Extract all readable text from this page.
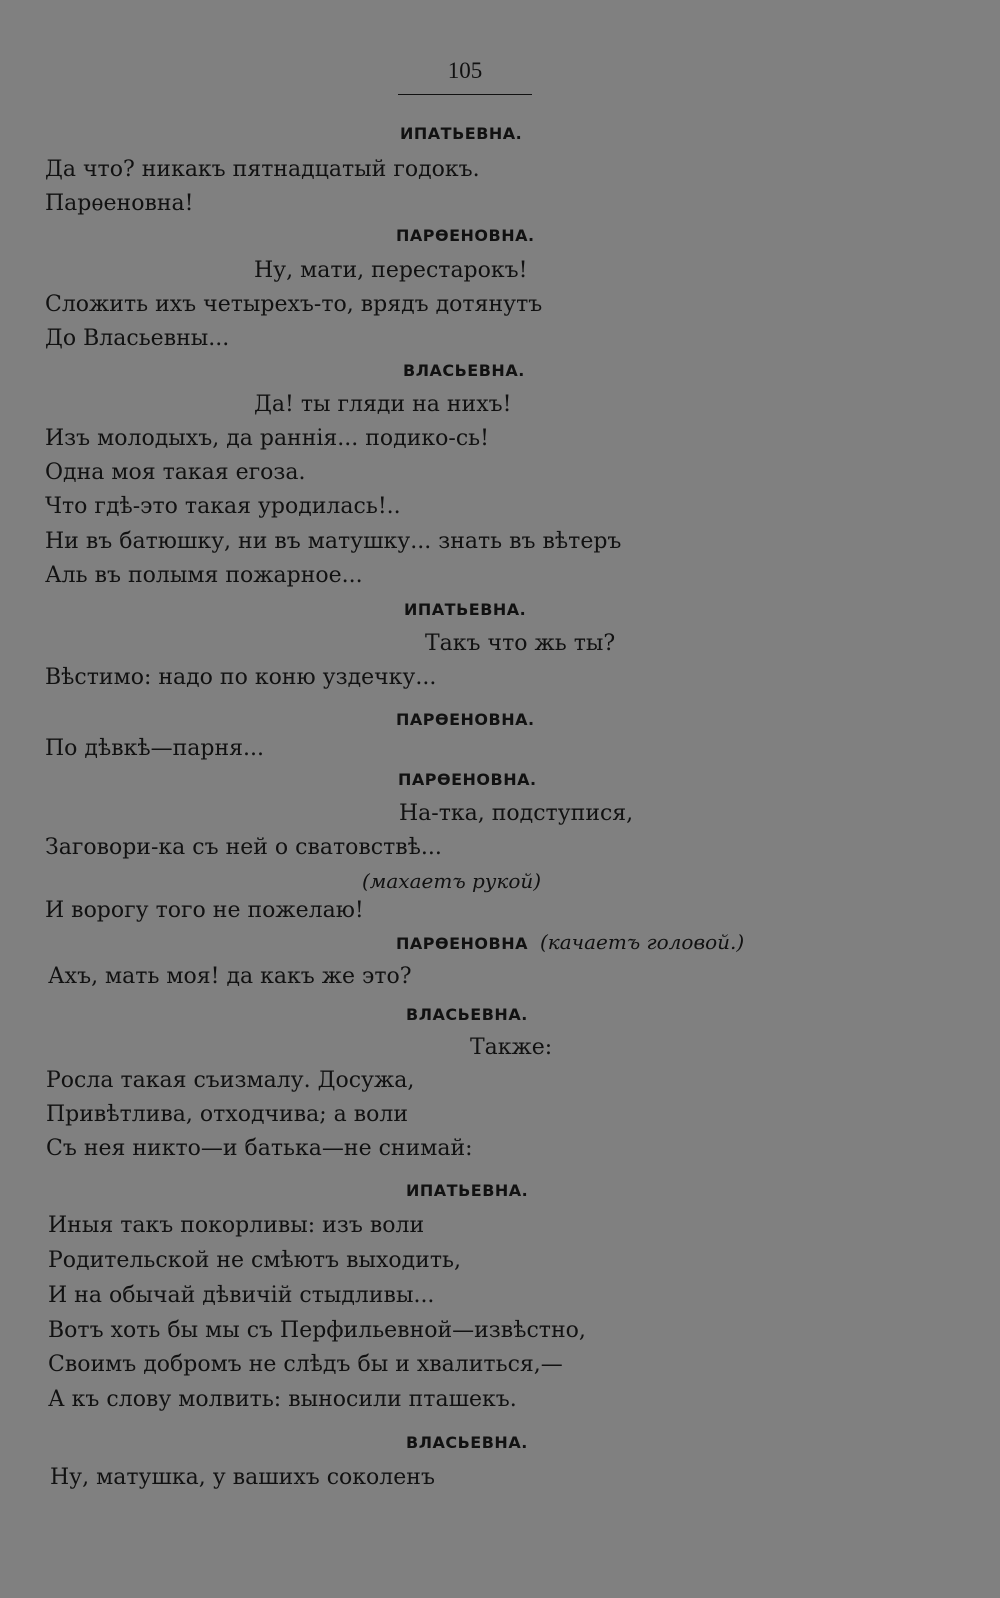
105
ИПАТЬЕВНА.
Да что? никакъ пятнадцатый годокъ.
Парѳеновна!
ПАРѲЕНОВНА.
Ну, мати, перестарокъ!
Сложить ихъ четырехъ-то, врядъ дотянутъ
До Власьевны...
ВЛАСЬЕВНА.
Да! ты гляди на нихъ!
Изъ молодыхъ, да раннія... подико-сь!
Одна моя такая егоза.
Что гдѣ-это такая уродилась!..
Ни въ батюшку, ни въ матушку... знать въ вѣтеръ
Аль въ полымя пожарное...
ИПАТЬЕВНА.
Такъ что жь ты?
Вѣстимо: надо по коню уздечку...
ПАРѲЕНОВНА.
По дѣвкѣ—парня...
ПАРѲЕНОВНА.
На-тка, подступися,
Заговори-ка съ ней о сватовствѣ...
(махаетъ рукой)
И ворогу того не пожелаю!
ПАРѲЕНОВНА (качаетъ головой.)
Ахъ, мать моя! да какъ же это?
ВЛАСЬЕВНА.
Также:
Росла такая съизмалу. Досужа,
Привѣтлива, отходчива; а воли
Съ нея никто—и батька—не снимай:
ИПАТЬЕВНА.
Иныя такъ покорливы: изъ воли
Родительской не смѣютъ выходить,
И на обычай дѣвичій стыдливы...
Вотъ хоть бы мы съ Перфильевной—извѣстно,
Своимъ добромъ не слѣдъ бы и хвалиться,—
А къ слову молвить: выносили пташекъ.
ВЛАСЬЕВНА.
Ну, матушка, у вашихъ соколенъ
